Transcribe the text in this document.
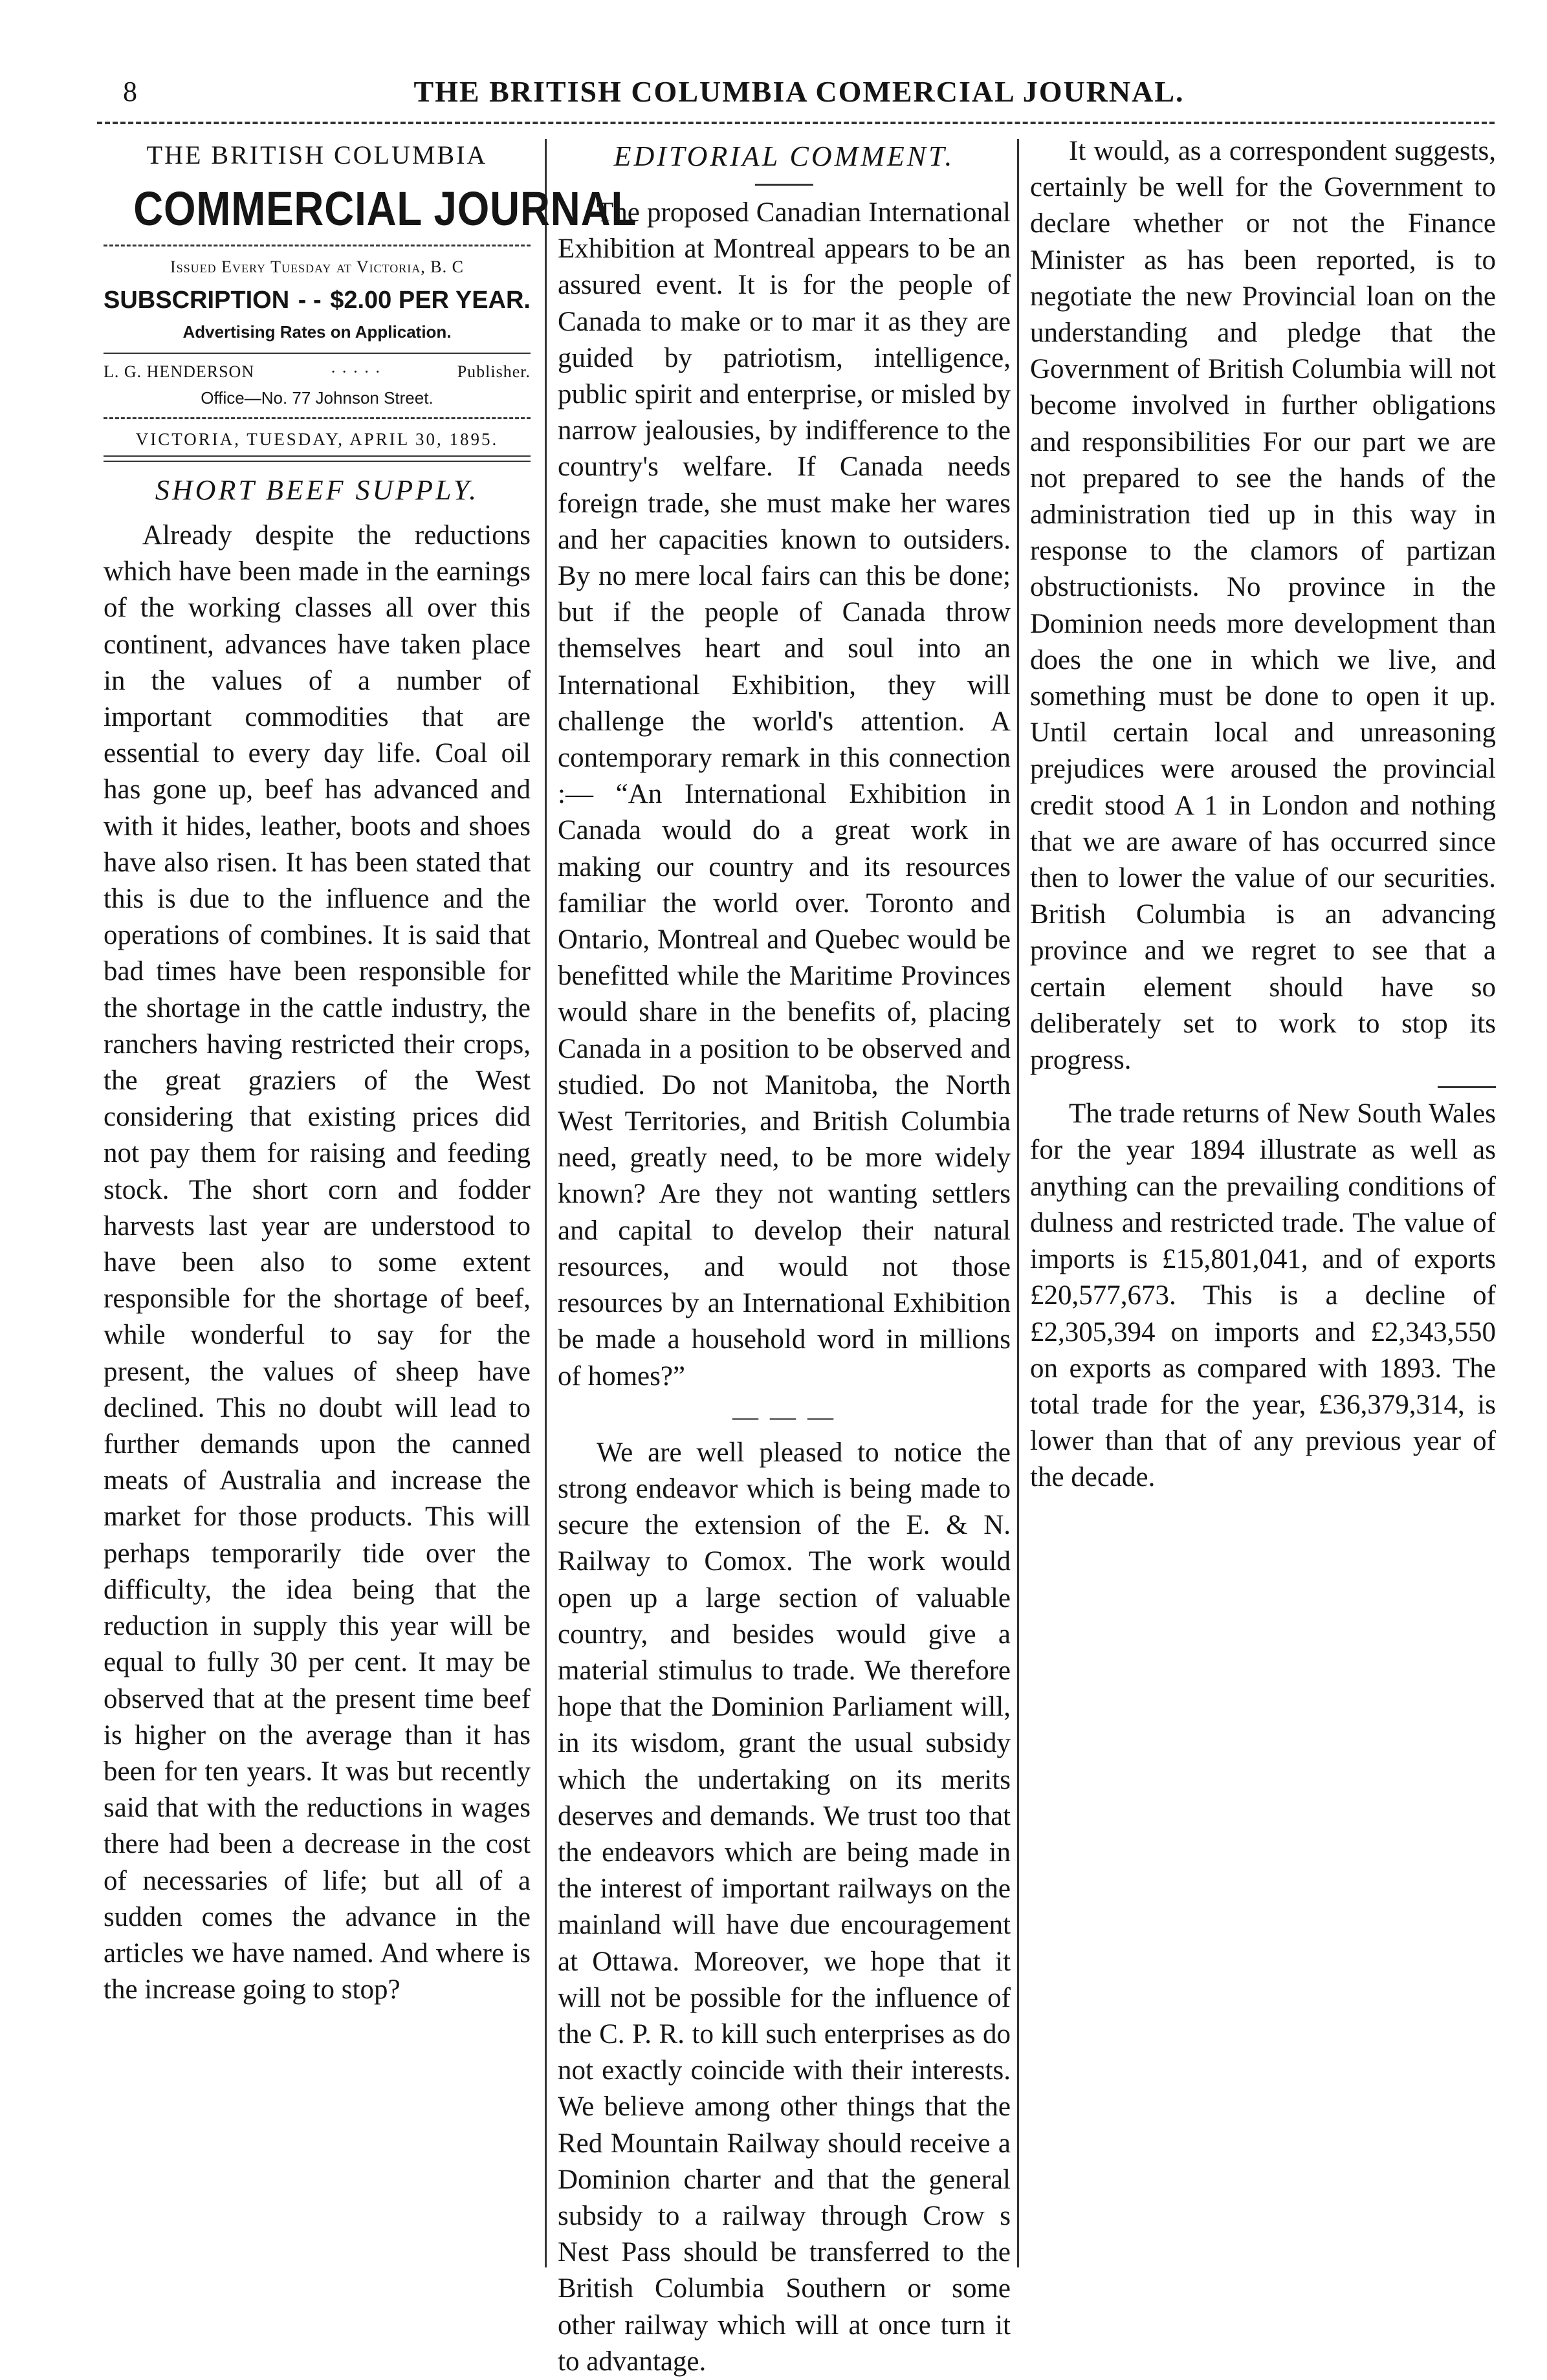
8	THE BRITISH COLUMBIA COMERCIAL JOURNAL.
THE BRITISH COLUMBIA
COMMERCIAL JOURNAL
Issued Every Tuesday at Victoria, B. C
SUBSCRIPTION - - $2.00 PER YEAR.
Advertising Rates on Application.
L. G. HENDERSON	· · · · ·	Publisher.
Office—No. 77 Johnson Street.
VICTORIA, TUESDAY, APRIL 30, 1895.
SHORT BEEF SUPPLY.

Already despite the reductions which have been made in the earnings of the working classes all over this continent, advances have taken place in the values of a number of important commodities that are essential to every day life. Coal oil has gone up, beef has advanced and with it hides, leather, boots and shoes have also risen. It has been stated that this is due to the influence and the operations of combines. It is said that bad times have been responsible for the shortage in the cattle industry, the ranchers having restricted their crops, the great graziers of the West considering that existing prices did not pay them for raising and feeding stock. The short corn and fodder harvests last year are understood to have been also to some extent responsible for the shortage of beef, while wonderful to say for the present, the values of sheep have declined. This no doubt will lead to further demands upon the canned meats of Australia and increase the market for those products. This will perhaps temporarily tide over the difficulty, the idea being that the reduction in supply this year will be equal to fully 30 per cent. It may be observed that at the present time beef is higher on the average than it has been for ten years. It was but recently said that with the reductions in wages there had been a decrease in the cost of necessaries of life; but all of a sudden comes the advance in the articles we have named. And where is the increase going to stop?

EDITORIAL COMMENT.

The proposed Canadian International Exhibition at Montreal appears to be an assured event. It is for the people of Canada to make or to mar it as they are guided by patriotism, intelligence, public spirit and enterprise, or misled by narrow jealousies, by indifference to the country's welfare. If Canada needs foreign trade, she must make her wares and her capacities known to outsiders. By no mere local fairs can this be done; but if the people of Canada throw themselves heart and soul into an International Exhibition, they will challenge the world's attention. A contemporary remark in this connection :— “An International Exhibition in Canada would do a great work in making our country and its resources familiar the world over. Toronto and Ontario, Montreal and Quebec would be benefitted while the Maritime Provinces would share in the benefits of, placing Canada in a position to be observed and studied. Do not Manitoba, the North West Territories, and British Columbia need, greatly need, to be more widely known? Are they not wanting settlers and capital to develop their natural resources, and would not those resources by an International Exhibition be made a household word in millions of homes?”

— — —

We are well pleased to notice the strong endeavor which is being made to secure the extension of the E. & N. Railway to Comox. The work would open up a large section of valuable country, and besides would give a material stimulus to trade. We therefore hope that the Dominion Parliament will, in its wisdom, grant the usual subsidy which the undertaking on its merits deserves and demands. We trust too that the endeavors which are being made in the interest of important railways on the mainland will have due encouragement at Ottawa. Moreover, we hope that it will not be possible for the influence of the C. P. R. to kill such enterprises as do not exactly coincide with their interests. We believe among other things that the Red Mountain Railway should receive a Dominion charter and that the general subsidy to a railway through Crow s Nest Pass should be transferred to the British Columbia Southern or some other railway which will at once turn it to advantage.

It would, as a correspondent suggests, certainly be well for the Government to declare whether or not the Finance Minister as has been reported, is to negotiate the new Provincial loan on the understanding and pledge that the Government of British Columbia will not become involved in further obligations and responsibilities For our part we are not prepared to see the hands of the administration tied up in this way in response to the clamors of partizan obstructionists. No province in the Dominion needs more development than does the one in which we live, and something must be done to open it up. Until certain local and unreasoning prejudices were aroused the provincial credit stood A 1 in London and nothing that we are aware of has occurred since then to lower the value of our securities. British Columbia is an advancing province and we regret to see that a certain element should have so deliberately set to work to stop its progress.

The trade returns of New South Wales for the year 1894 illustrate as well as anything can the prevailing conditions of dulness and restricted trade. The value of imports is £15,801,041, and of exports £20,577,673. This is a decline of £2,305,394 on imports and £2,343,550 on exports as compared with 1893. The total trade for the year, £36,379,314, is lower than that of any previous year of the decade.
